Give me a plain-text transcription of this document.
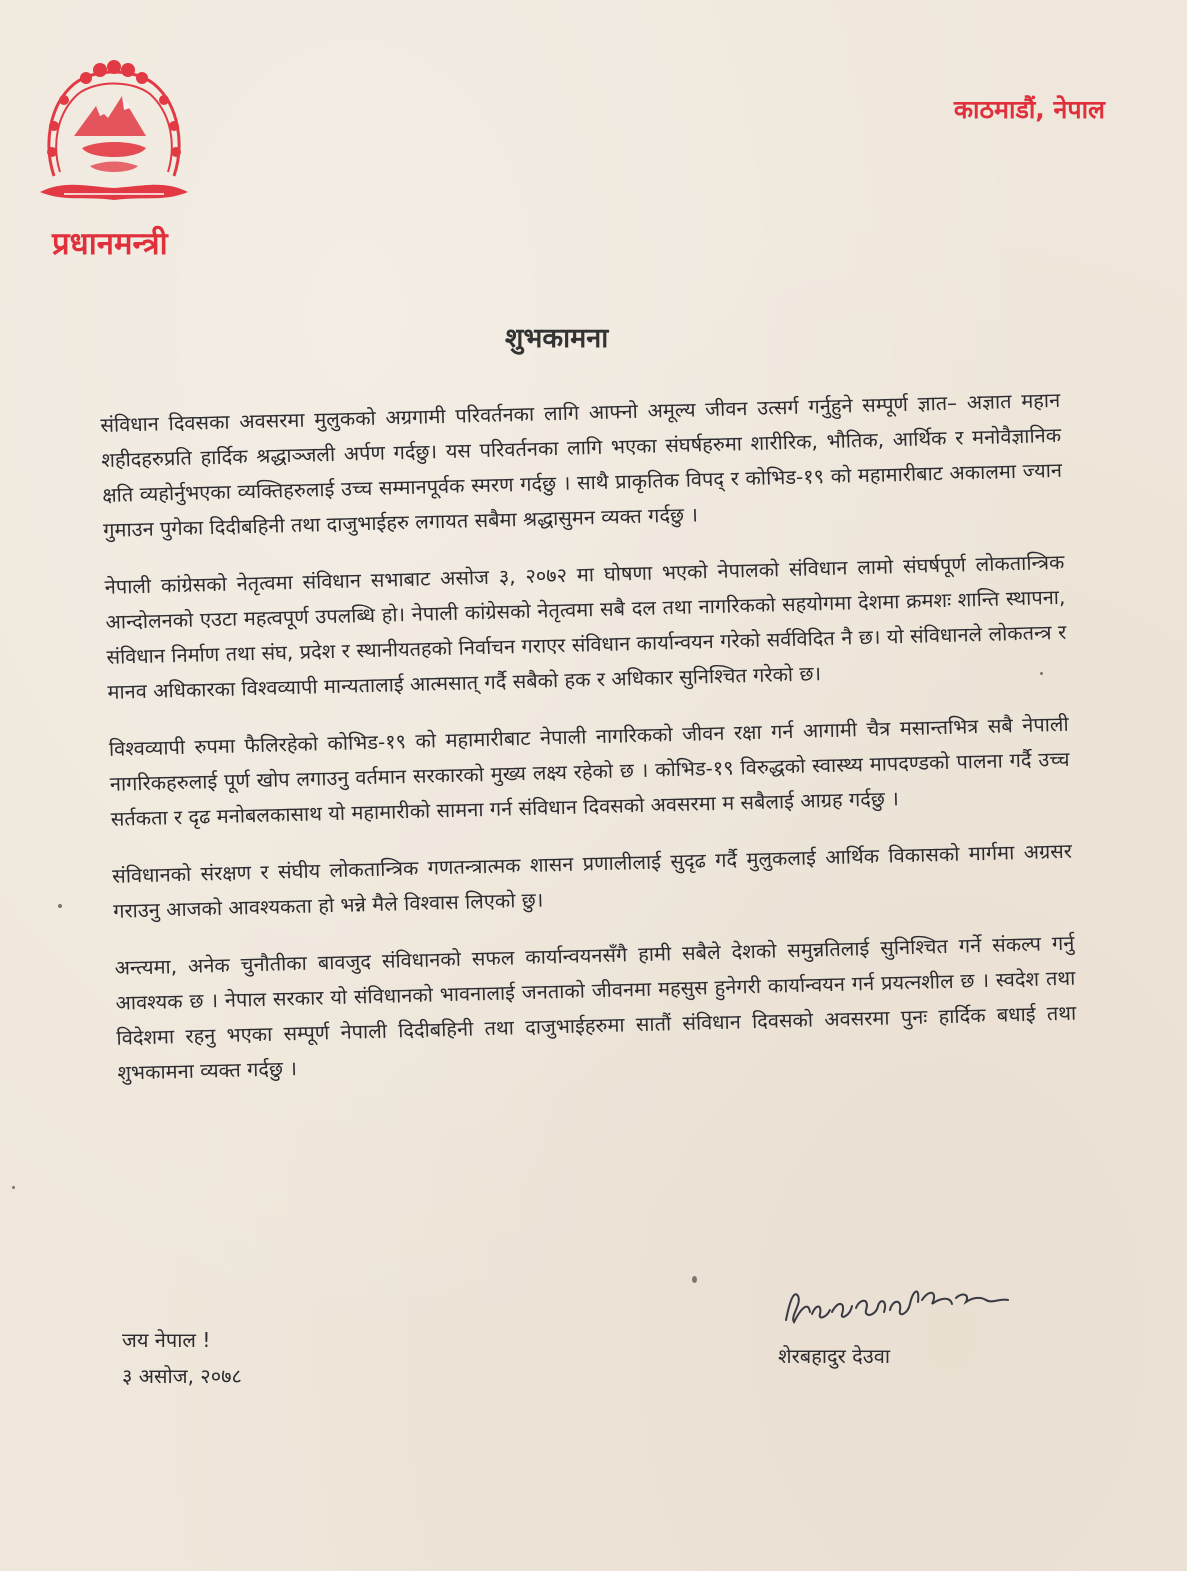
प्रधानमन्त्री
काठमाडौं, नेपाल
शुभकामना

संविधान दिवसका अवसरमा मुलुकको अग्रगामी परिवर्तनका लागि आफ्नो अमूल्य जीवन उत्सर्ग गर्नुहुने सम्पूर्ण ज्ञात– अज्ञात महान शहीदहरुप्रति हार्दिक श्रद्धाञ्जली अर्पण गर्दछु। यस परिवर्तनका लागि भएका संघर्षहरुमा शारीरिक, भौतिक, आर्थिक र मनोवैज्ञानिक क्षति व्यहोर्नुभएका व्यक्तिहरुलाई उच्च सम्मानपूर्वक स्मरण गर्दछु । साथै प्राकृतिक विपद् र कोभिड-१९ को महामारीबाट अकालमा ज्यान गुमाउन पुगेका दिदीबहिनी तथा दाजुभाईहरु लगायत सबैमा श्रद्धासुमन व्यक्त गर्दछु ।

नेपाली कांग्रेसको नेतृत्वमा संविधान सभाबाट असोज ३, २०७२ मा घोषणा भएको नेपालको संविधान लामो संघर्षपूर्ण लोकतान्त्रिक आन्दोलनको एउटा महत्वपूर्ण उपलब्धि हो। नेपाली कांग्रेसको नेतृत्वमा सबै दल तथा नागरिकको सहयोगमा देशमा क्रमशः शान्ति स्थापना, संविधान निर्माण तथा संघ, प्रदेश र स्थानीयतहको निर्वाचन गराएर संविधान कार्यान्वयन गरेको सर्वविदित नै छ। यो संविधानले लोकतन्त्र र मानव अधिकारका विश्वव्यापी मान्यतालाई आत्मसात् गर्दै सबैको हक र अधिकार सुनिश्चित गरेको छ।

विश्वव्यापी रुपमा फैलिरहेको कोभिड-१९ को महामारीबाट नेपाली नागरिकको जीवन रक्षा गर्न आगामी चैत्र मसान्तभित्र सबै नेपाली नागरिकहरुलाई पूर्ण खोप लगाउनु वर्तमान सरकारको मुख्य लक्ष्य रहेको छ । कोभिड-१९ विरुद्धको स्वास्थ्य मापदण्डको पालना गर्दै उच्च सर्तकता र दृढ मनोबलकासाथ यो महामारीको सामना गर्न संविधान दिवसको अवसरमा म सबैलाई आग्रह गर्दछु ।

संविधानको संरक्षण र संघीय लोकतान्त्रिक गणतन्त्रात्मक शासन प्रणालीलाई सुदृढ गर्दै मुलुकलाई आर्थिक विकासको मार्गमा अग्रसर गराउनु आजको आवश्यकता हो भन्ने मैले विश्वास लिएको छु।

अन्त्यमा, अनेक चुनौतीका बावजुद संविधानको सफल कार्यान्वयनसँगै हामी सबैले देशको समुन्नतिलाई सुनिश्चित गर्ने संकल्प गर्नु आवश्यक छ । नेपाल सरकार यो संविधानको भावनालाई जनताको जीवनमा महसुस हुनेगरी कार्यान्वयन गर्न प्रयत्नशील छ । स्वदेश तथा विदेशमा रहनु भएका सम्पूर्ण नेपाली दिदीबहिनी तथा दाजुभाईहरुमा सातौं संविधान दिवसको अवसरमा पुनः हार्दिक बधाई तथा शुभकामना व्यक्त गर्दछु ।

जय नेपाल !
३ असोज, २०७८
शेरबहादुर देउवा
